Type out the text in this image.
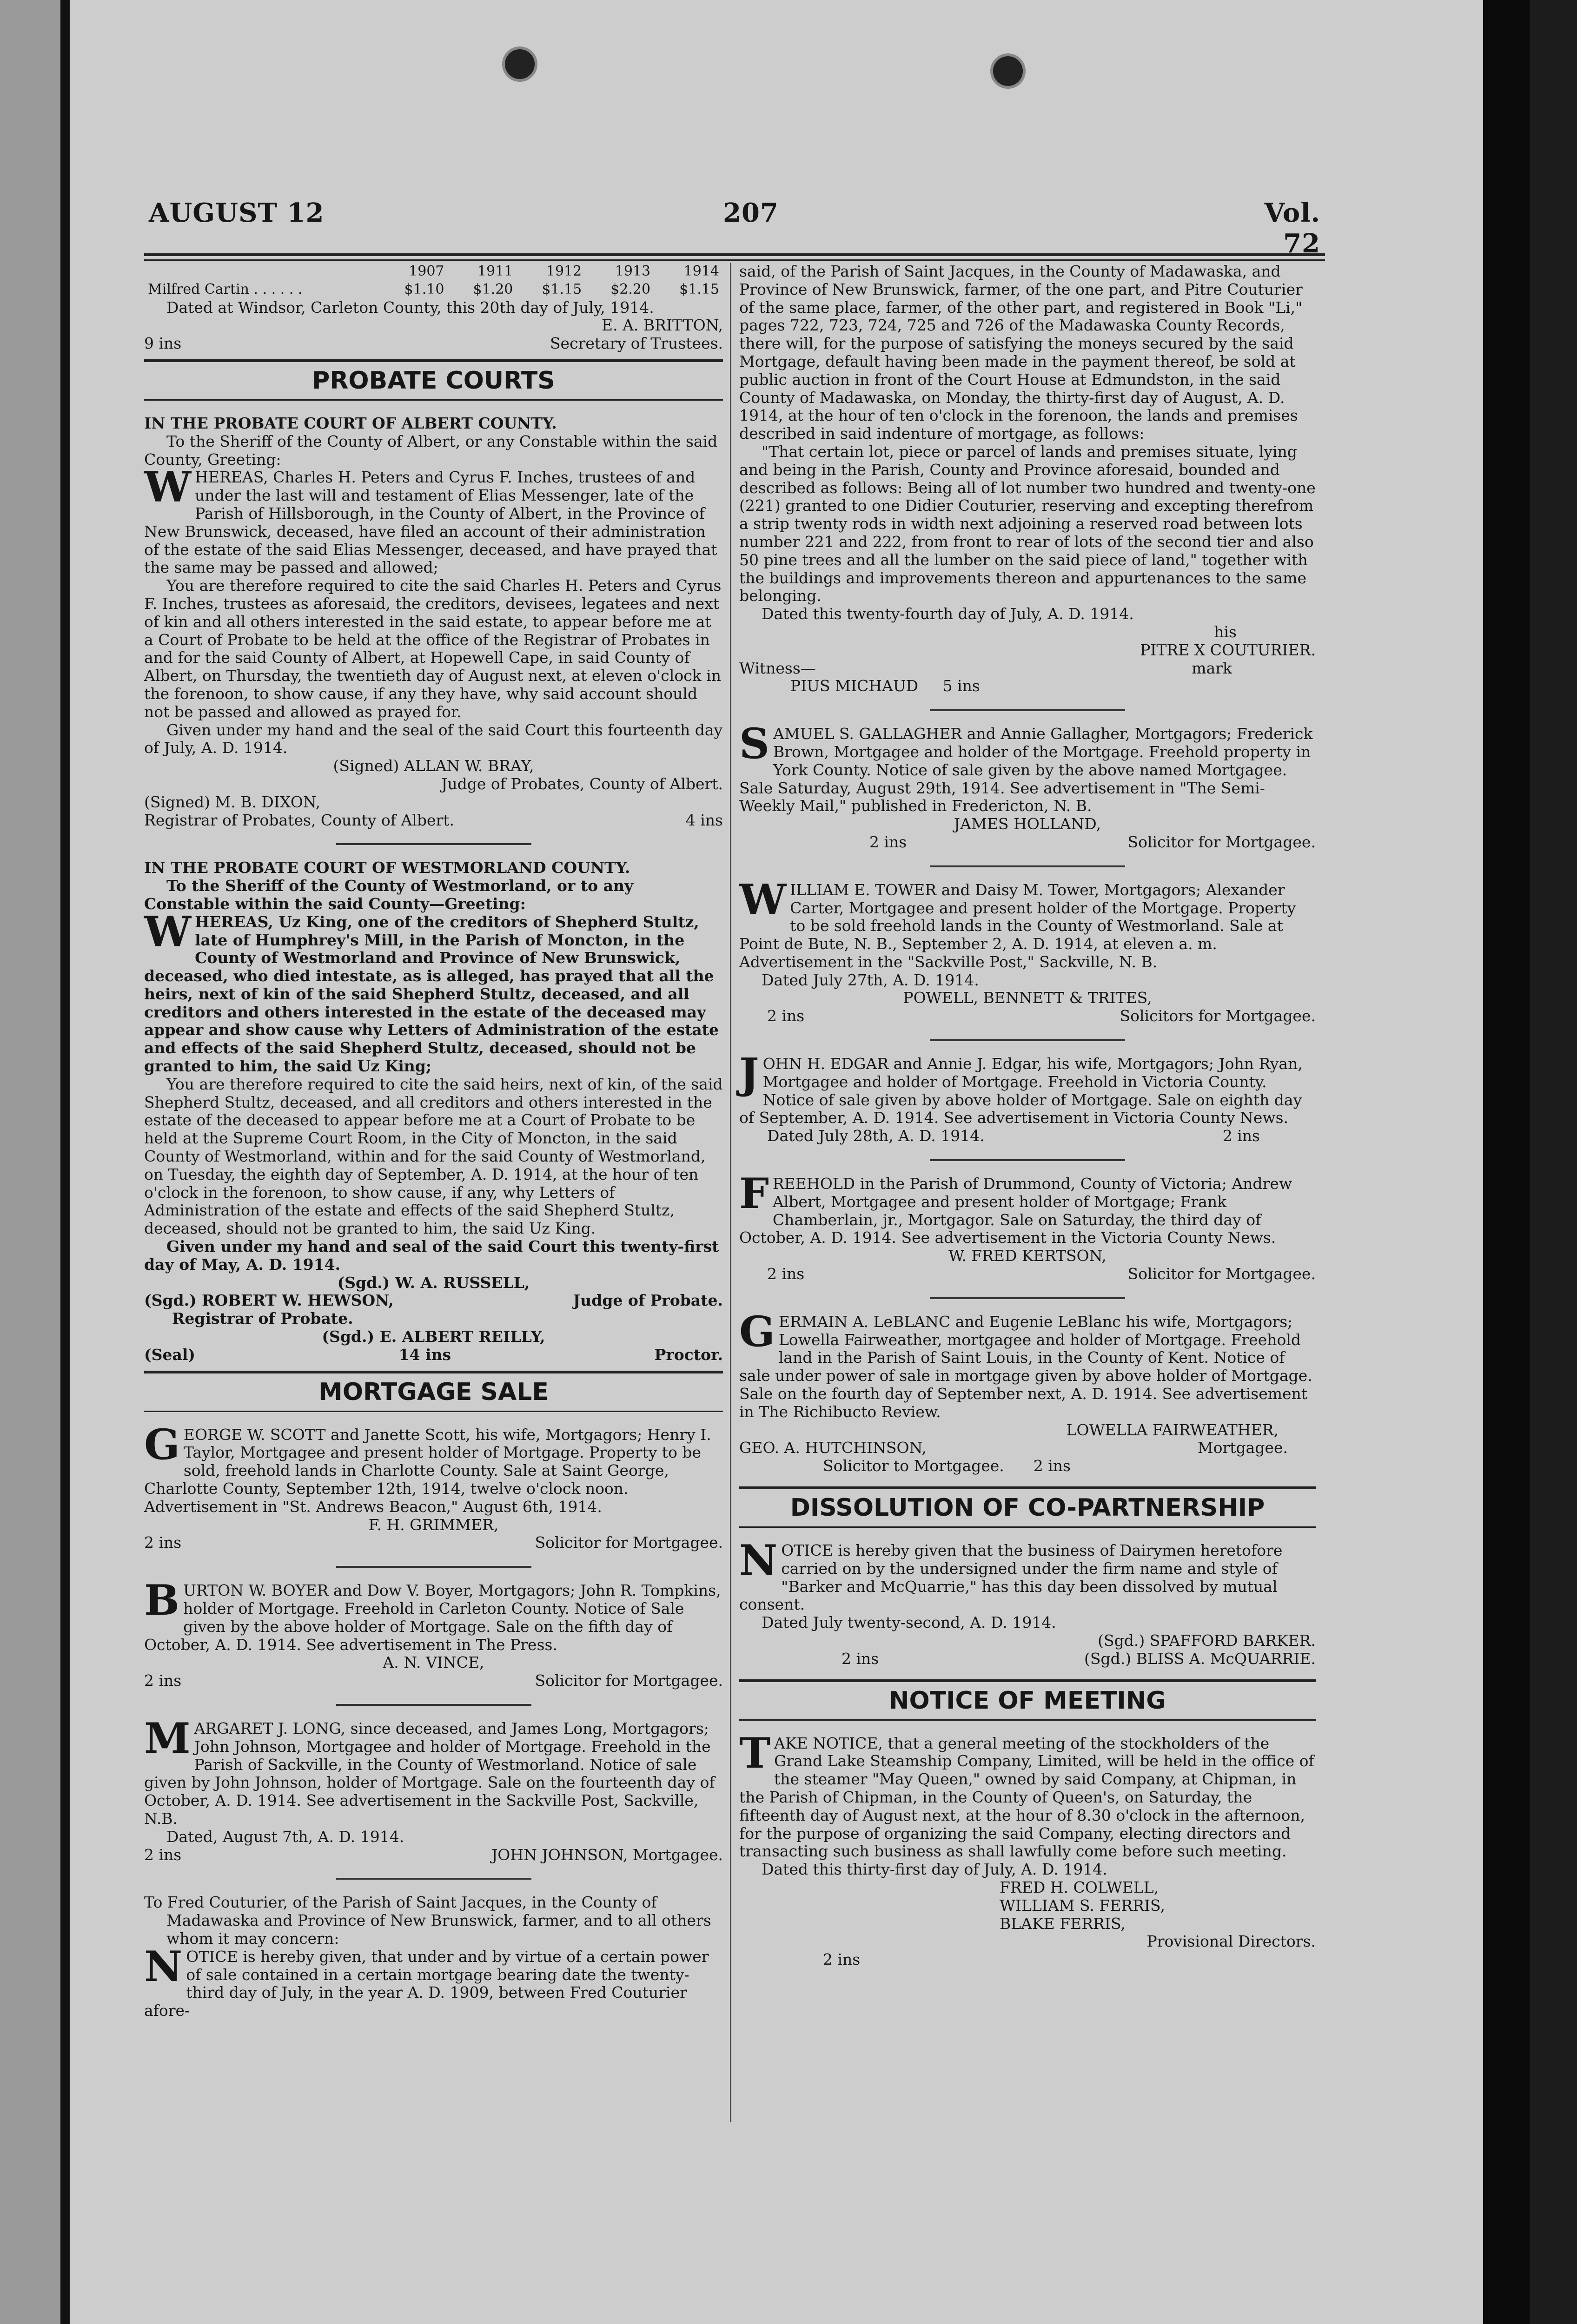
AUGUST 12	207	Vol. 72
	1907	1911	1912	1913	1914
Milfred Cartin . . . . . .	$1.10	$1.20	$1.15	$2.20	$1.15

Dated at Windsor, Carleton County, this 20th day of July, 1914.

E. A. BRITTON,

9 ins	Secretary of Trustees.
PROBATE COURTS

IN THE PROBATE COURT OF ALBERT COUNTY.

To the Sheriff of the County of Albert, or any Constable within the said County, Greeting:

WHEREAS, Charles H. Peters and Cyrus F. Inches, trustees of and under the last will and testament of Elias Messenger, late of the Parish of Hillsborough, in the County of Albert, in the Province of New Brunswick, deceased, have filed an account of their administration of the estate of the said Elias Messenger, deceased, and have prayed that the same may be passed and allowed;

You are therefore required to cite the said Charles H. Peters and Cyrus F. Inches, trustees as aforesaid, the creditors, devisees, legatees and next of kin and all others interested in the said estate, to appear before me at a Court of Probate to be held at the office of the Registrar of Probates in and for the said County of Albert, at Hopewell Cape, in said County of Albert, on Thursday, the twentieth day of August next, at eleven o'clock in the forenoon, to show cause, if any they have, why said account should not be passed and allowed as prayed for.

Given under my hand and the seal of the said Court this fourteenth day of July, A. D. 1914.

(Signed) ALLAN W. BRAY,

Judge of Probates, County of Albert.

(Signed) M. B. DIXON,

Registrar of Probates, County of Albert.	4 ins

IN THE PROBATE COURT OF WESTMORLAND COUNTY.

To the Sheriff of the County of Westmorland, or to any Constable within the said County—Greeting:

WHEREAS, Uz King, one of the creditors of Shepherd Stultz, late of Humphrey's Mill, in the Parish of Moncton, in the County of Westmorland and Province of New Brunswick, deceased, who died intestate, as is alleged, has prayed that all the heirs, next of kin of the said Shepherd Stultz, deceased, and all creditors and others interested in the estate of the deceased may appear and show cause why Letters of Administration of the estate and effects of the said Shepherd Stultz, deceased, should not be granted to him, the said Uz King;

You are therefore required to cite the said heirs, next of kin, of the said Shepherd Stultz, deceased, and all creditors and others interested in the estate of the deceased to appear before me at a Court of Probate to be held at the Supreme Court Room, in the City of Moncton, in the said County of Westmorland, within and for the said County of Westmorland, on Tuesday, the eighth day of September, A. D. 1914, at the hour of ten o'clock in the forenoon, to show cause, if any, why Letters of Administration of the estate and effects of the said Shepherd Stultz, deceased, should not be granted to him, the said Uz King.

Given under my hand and seal of the said Court this twenty-first day of May, A. D. 1914.

(Sgd.) W. A. RUSSELL,

(Sgd.) ROBERT W. HEWSON,	Judge of Probate.

Registrar of Probate.

(Sgd.) E. ALBERT REILLY,

(Seal)	14 ins	Proctor.
MORTGAGE SALE

GEORGE W. SCOTT and Janette Scott, his wife, Mortgagors; Henry I. Taylor, Mortgagee and present holder of Mortgage. Property to be sold, freehold lands in Charlotte County. Sale at Saint George, Charlotte County, September 12th, 1914, twelve o'clock noon. Advertisement in "St. Andrews Beacon," August 6th, 1914.

F. H. GRIMMER,

2 ins	Solicitor for Mortgagee.

BURTON W. BOYER and Dow V. Boyer, Mortgagors; John R. Tompkins, holder of Mortgage. Freehold in Carleton County. Notice of Sale given by the above holder of Mortgage. Sale on the fifth day of October, A. D. 1914. See advertisement in The Press.

A. N. VINCE,

2 ins	Solicitor for Mortgagee.

MARGARET J. LONG, since deceased, and James Long, Mortgagors; John Johnson, Mortgagee and holder of Mortgage. Freehold in the Parish of Sackville, in the County of Westmorland. Notice of sale given by John Johnson, holder of Mortgage. Sale on the fourteenth day of October, A. D. 1914. See advertisement in the Sackville Post, Sackville, N.B.

Dated, August 7th, A. D. 1914.

2 ins	JOHN JOHNSON, Mortgagee.

To Fred Couturier, of the Parish of Saint Jacques, in the County of Madawaska and Province of New Brunswick, farmer, and to all others whom it may concern:

NOTICE is hereby given, that under and by virtue of a certain power of sale contained in a certain mortgage bearing date the twenty-third day of July, in the year A. D. 1909, between Fred Couturier afore-

said, of the Parish of Saint Jacques, in the County of Madawaska, and Province of New Brunswick, farmer, of the one part, and Pitre Couturier of the same place, farmer, of the other part, and registered in Book "Li," pages 722, 723, 724, 725 and 726 of the Madawaska County Records, there will, for the purpose of satisfying the moneys secured by the said Mortgage, default having been made in the payment thereof, be sold at public auction in front of the Court House at Edmundston, in the said County of Madawaska, on Monday, the thirty-first day of August, A. D. 1914, at the hour of ten o'clock in the forenoon, the lands and premises described in said indenture of mortgage, as follows:

"That certain lot, piece or parcel of lands and premises situate, lying and being in the Parish, County and Province aforesaid, bounded and described as follows: Being all of lot number two hundred and twenty-one (221) granted to one Didier Couturier, reserving and excepting therefrom a strip twenty rods in width next adjoining a reserved road between lots number 221 and 222, from front to rear of lots of the second tier and also 50 pine trees and all the lumber on the said piece of land," together with the buildings and improvements thereon and appurtenances to the same belonging.

Dated this twenty-fourth day of July, A. D. 1914.

his

PITRE X COUTURIER.

Witness—	mark

PIUS MICHAUD 5 ins

SAMUEL S. GALLAGHER and Annie Gallagher, Mortgagors; Frederick Brown, Mortgagee and holder of the Mortgage. Freehold property in York County. Notice of sale given by the above named Mortgagee. Sale Saturday, August 29th, 1914. See advertisement in "The Semi-Weekly Mail," published in Fredericton, N. B.

JAMES HOLLAND,

2 ins	Solicitor for Mortgagee.

WILLIAM E. TOWER and Daisy M. Tower, Mortgagors; Alexander Carter, Mortgagee and present holder of the Mortgage. Property to be sold freehold lands in the County of Westmorland. Sale at Point de Bute, N. B., September 2, A. D. 1914, at eleven a. m. Advertisement in the "Sackville Post," Sackville, N. B.

Dated July 27th, A. D. 1914.

POWELL, BENNETT & TRITES,

2 ins	Solicitors for Mortgagee.

JOHN H. EDGAR and Annie J. Edgar, his wife, Mortgagors; John Ryan, Mortgagee and holder of Mortgage. Freehold in Victoria County. Notice of sale given by above holder of Mortgage. Sale on eighth day of September, A. D. 1914. See advertisement in Victoria County News.

Dated July 28th, A. D. 1914.	2 ins

FREEHOLD in the Parish of Drummond, County of Victoria; Andrew Albert, Mortgagee and present holder of Mortgage; Frank Chamberlain, jr., Mortgagor. Sale on Saturday, the third day of October, A. D. 1914. See advertisement in the Victoria County News.

W. FRED KERTSON,

2 ins	Solicitor for Mortgagee.

GERMAIN A. LeBLANC and Eugenie LeBlanc his wife, Mortgagors; Lowella Fairweather, mortgagee and holder of Mortgage. Freehold land in the Parish of Saint Louis, in the County of Kent. Notice of sale under power of sale in mortgage given by above holder of Mortgage. Sale on the fourth day of September next, A. D. 1914. See advertisement in The Richibucto Review.

LOWELLA FAIRWEATHER,

GEO. A. HUTCHINSON,	Mortgagee.

Solicitor to Mortgagee. 2 ins

DISSOLUTION OF CO-PARTNERSHIP

NOTICE is hereby given that the business of Dairymen heretofore carried on by the undersigned under the firm name and style of "Barker and McQuarrie," has this day been dissolved by mutual consent.

Dated July twenty-second, A. D. 1914.

(Sgd.) SPAFFORD BARKER.

2 ins	(Sgd.) BLISS A. McQUARRIE.
NOTICE OF MEETING

TAKE NOTICE, that a general meeting of the stockholders of the Grand Lake Steamship Company, Limited, will be held in the office of the steamer "May Queen," owned by said Company, at Chipman, in the Parish of Chipman, in the County of Queen's, on Saturday, the fifteenth day of August next, at the hour of 8.30 o'clock in the afternoon, for the purpose of organizing the said Company, electing directors and transacting such business as shall lawfully come before such meeting.

Dated this thirty-first day of July, A. D. 1914.

FRED H. COLWELL,

WILLIAM S. FERRIS,

BLAKE FERRIS,

Provisional Directors.

2 ins
